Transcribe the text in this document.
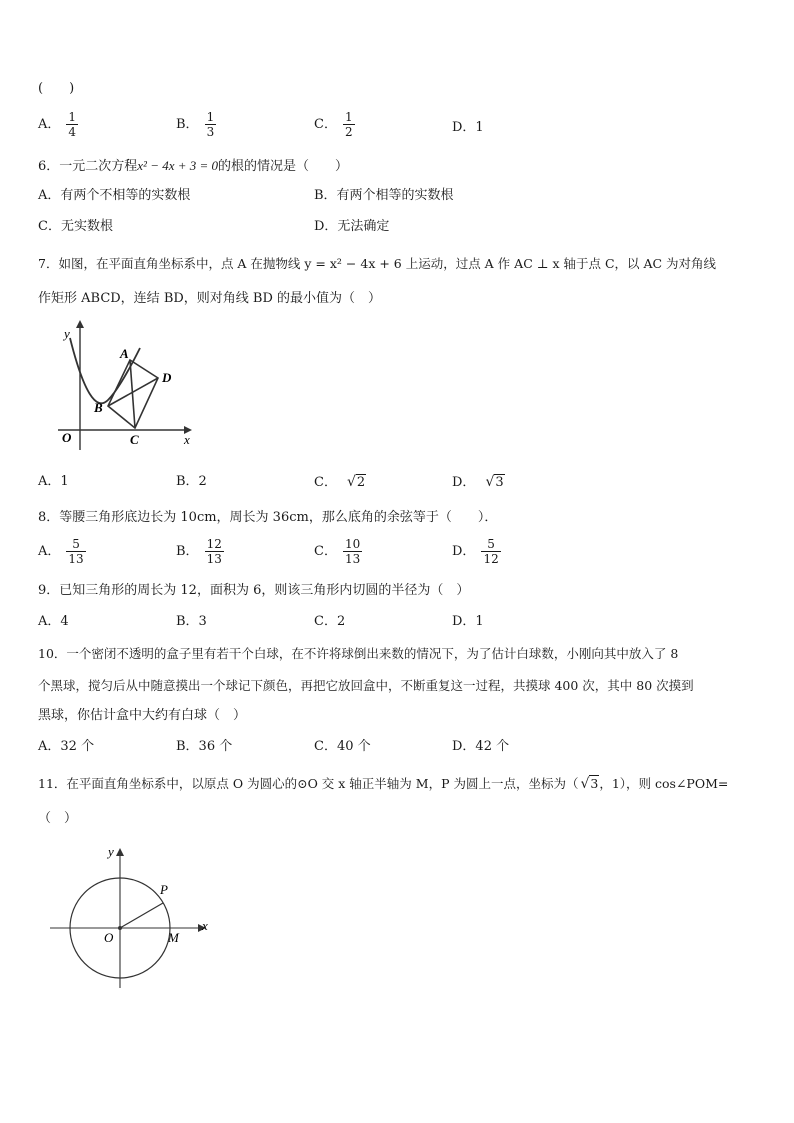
(　　)
A． $\frac{1}{4}$	B． $\frac{1}{3}$	C． $\frac{1}{2}$	D．1
6．一元二次方程x² − 4x + 3 = 0的根的情况是（　　）
A．有两个不相等的实数根	B．有两个相等的实数根
C．无实数根	D．无法确定
7．如图，在平面直角坐标系中，点 A 在抛物线 y = x² − 4x + 6 上运动，过点 A 作 AC ⊥ x 轴于点 C，以 AC 为对角线
作矩形 ABCD，连结 BD，则对角线 BD 的最小值为（　）
y
x
O
A
B
C
D
A．1	B．2	C． √2	D． √3
8．等腰三角形底边长为 10cm，周长为 36cm，那么底角的余弦等于（　　）．
A． $\frac{5}{13}$	B． $\frac{12}{13}$	C． $\frac{10}{13}$	D． $\frac{5}{12}$
9．已知三角形的周长为 12，面积为 6，则该三角形内切圆的半径为（　）
A．4	B．3	C．2	D．1
10．一个密闭不透明的盒子里有若干个白球，在不许将球倒出来数的情况下，为了估计白球数，小刚向其中放入了 8
个黑球，搅匀后从中随意摸出一个球记下颜色，再把它放回盒中，不断重复这一过程，共摸球 400 次，其中 80 次摸到
黑球，你估计盒中大约有白球（　）
A．32 个	B．36 个	C．40 个	D．42 个
11．在平面直角坐标系中，以原点 O 为圆心的⊙O 交 x 轴正半轴为 M，P 为圆上一点，坐标为（ √3，1），则 cos∠POM=
（　）
y
x
O
P
M
